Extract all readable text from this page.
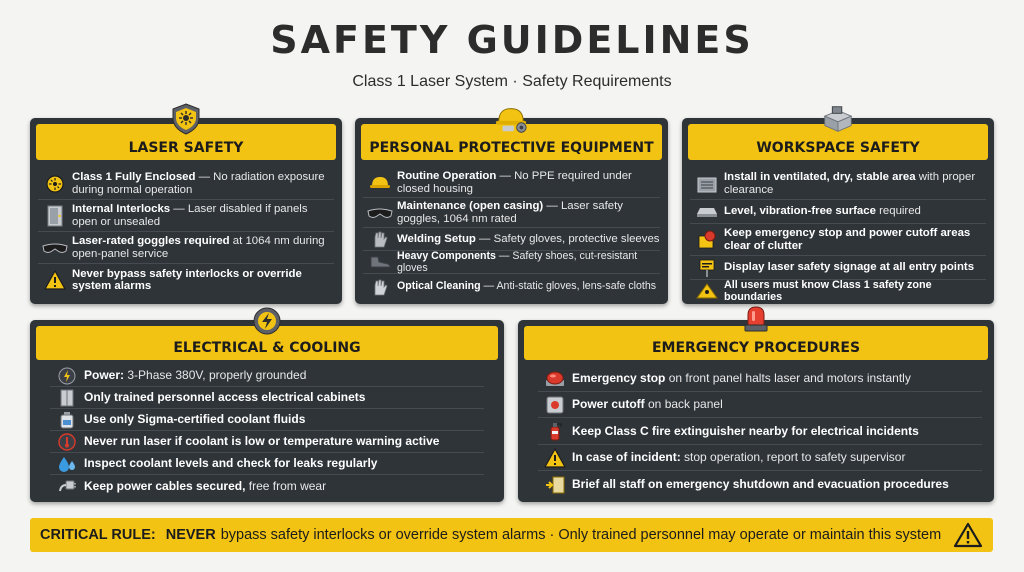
SAFETY GUIDELINES
Class 1 Laser System · Safety Requirements
LASER SAFETY
Class 1 Fully Enclosed — No radiation exposure during normal operation
Internal Interlocks — Laser disabled if panels open or unsealed
Laser-rated goggles required at 1064 nm during open-panel service
Never bypass safety interlocks or override system alarms
PERSONAL PROTECTIVE EQUIPMENT
Routine Operation — No PPE required under closed housing
Maintenance (open casing) — Laser safety goggles, 1064 nm rated
Welding Setup — Safety gloves, protective sleeves
Heavy Components — Safety shoes, cut-resistant gloves
Optical Cleaning — Anti-static gloves, lens-safe cloths
WORKSPACE SAFETY
Install in ventilated, dry, stable area with proper clearance
Level, vibration-free surface required
Keep emergency stop and power cutoff areas clear of clutter
Display laser safety signage at all entry points
All users must know Class 1 safety zone boundaries
ELECTRICAL & COOLING
Power: 3-Phase 380V, properly grounded
Only trained personnel access electrical cabinets
Use only Sigma-certified coolant fluids
Never run laser if coolant is low or temperature warning active
Inspect coolant levels and check for leaks regularly
Keep power cables secured, free from wear
EMERGENCY PROCEDURES
Emergency stop on front panel halts laser and motors instantly
Power cutoff on back panel
Keep Class C fire extinguisher nearby for electrical incidents
In case of incident: stop operation, report to safety supervisor
Brief all staff on emergency shutdown and evacuation procedures
CRITICAL RULE: NEVER bypass safety interlocks or override system alarms · Only trained personnel may operate or maintain this system
